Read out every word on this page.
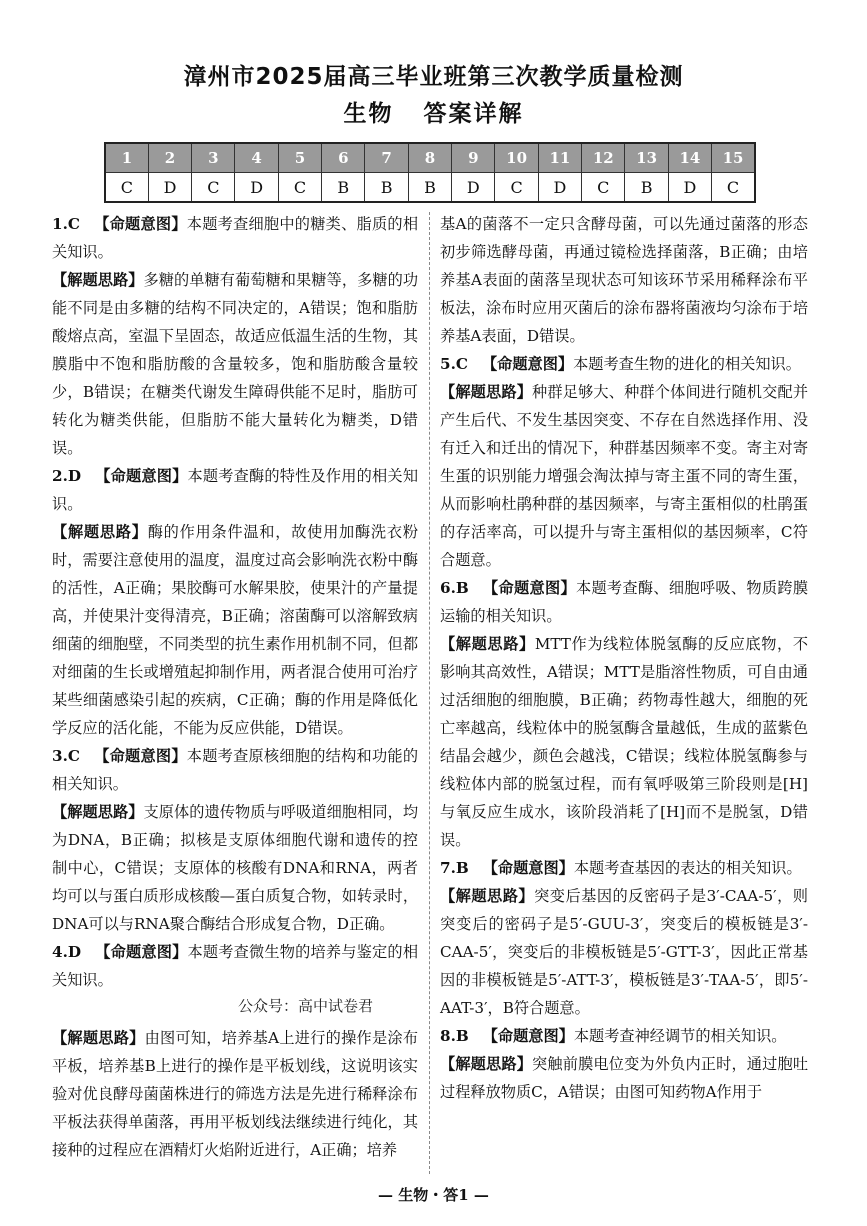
漳州市2025届高三毕业班第三次教学质量检测
生物 答案详解
1	2	3	4	5	6	7	8	9	10	11	12	13	14	15
C	D	C	D	C	B	B	B	D	C	D	C	B	D	C

1.C 【命题意图】本题考查细胞中的糖类、脂质的相关知识。

【解题思路】多糖的单糖有葡萄糖和果糖等，多糖的功能不同是由多糖的结构不同决定的，A错误；饱和脂肪酸熔点高，室温下呈固态，故适应低温生活的生物，其膜脂中不饱和脂肪酸的含量较多，饱和脂肪酸含量较少，B错误；在糖类代谢发生障碍供能不足时，脂肪可转化为糖类供能，但脂肪不能大量转化为糖类，D错误。

2.D 【命题意图】本题考查酶的特性及作用的相关知识。

【解题思路】酶的作用条件温和，故使用加酶洗衣粉时，需要注意使用的温度，温度过高会影响洗衣粉中酶的活性，A正确；果胶酶可水解果胶，使果汁的产量提高，并使果汁变得清亮，B正确；溶菌酶可以溶解致病细菌的细胞壁，不同类型的抗生素作用机制不同，但都对细菌的生长或增殖起抑制作用，两者混合使用可治疗某些细菌感染引起的疾病，C正确；酶的作用是降低化学反应的活化能，不能为反应供能，D错误。

3.C 【命题意图】本题考查原核细胞的结构和功能的相关知识。

【解题思路】支原体的遗传物质与呼吸道细胞相同，均为DNA，B正确；拟核是支原体细胞代谢和遗传的控制中心，C错误；支原体的核酸有DNA和RNA，两者均可以与蛋白质形成核酸—蛋白质复合物，如转录时，DNA可以与RNA聚合酶结合形成复合物，D正确。

4.D 【命题意图】本题考查微生物的培养与鉴定的相关知识。

【解题思路】由图可知，培养基A上进行的操作是涂布平板，培养基B上进行的操作是平板划线，这说明该实验对优良酵母菌菌株进行的筛选方法是先进行稀释涂布平板法获得单菌落，再用平板划线法继续进行纯化，其接种的过程应在酒精灯火焰附近进行，A正确；培养

公众号：高中试卷君

基A的菌落不一定只含酵母菌，可以先通过菌落的形态初步筛选酵母菌，再通过镜检选择菌落，B正确；由培养基A表面的菌落呈现状态可知该环节采用稀释涂布平板法，涂布时应用灭菌后的涂布器将菌液均匀涂布于培养基A表面，D错误。

5.C 【命题意图】本题考查生物的进化的相关知识。

【解题思路】种群足够大、种群个体间进行随机交配并产生后代、不发生基因突变、不存在自然选择作用、没有迁入和迁出的情况下，种群基因频率不变。寄主对寄生蛋的识别能力增强会淘汰掉与寄主蛋不同的寄生蛋，从而影响杜鹃种群的基因频率，与寄主蛋相似的杜鹃蛋的存活率高，可以提升与寄主蛋相似的基因频率，C符合题意。

6.B 【命题意图】本题考查酶、细胞呼吸、物质跨膜运输的相关知识。

【解题思路】MTT作为线粒体脱氢酶的反应底物，不影响其高效性，A错误；MTT是脂溶性物质，可自由通过活细胞的细胞膜，B正确；药物毒性越大，细胞的死亡率越高，线粒体中的脱氢酶含量越低，生成的蓝紫色结晶会越少，颜色会越浅，C错误；线粒体脱氢酶参与线粒体内部的脱氢过程，而有氧呼吸第三阶段则是[H]与氧反应生成水，该阶段消耗了[H]而不是脱氢，D错误。

7.B 【命题意图】本题考查基因的表达的相关知识。

【解题思路】突变后基因的反密码子是3′-CAA-5′，则突变后的密码子是5′-GUU-3′，突变后的模板链是3′-CAA-5′，突变后的非模板链是5′-GTT-3′，因此正常基因的非模板链是5′-ATT-3′，模板链是3′-TAA-5′，即5′-AAT-3′，B符合题意。

8.B 【命题意图】本题考查神经调节的相关知识。

【解题思路】突触前膜电位变为外负内正时，通过胞吐过程释放物质C，A错误；由图可知药物A作用于

— 生物・答1 —
